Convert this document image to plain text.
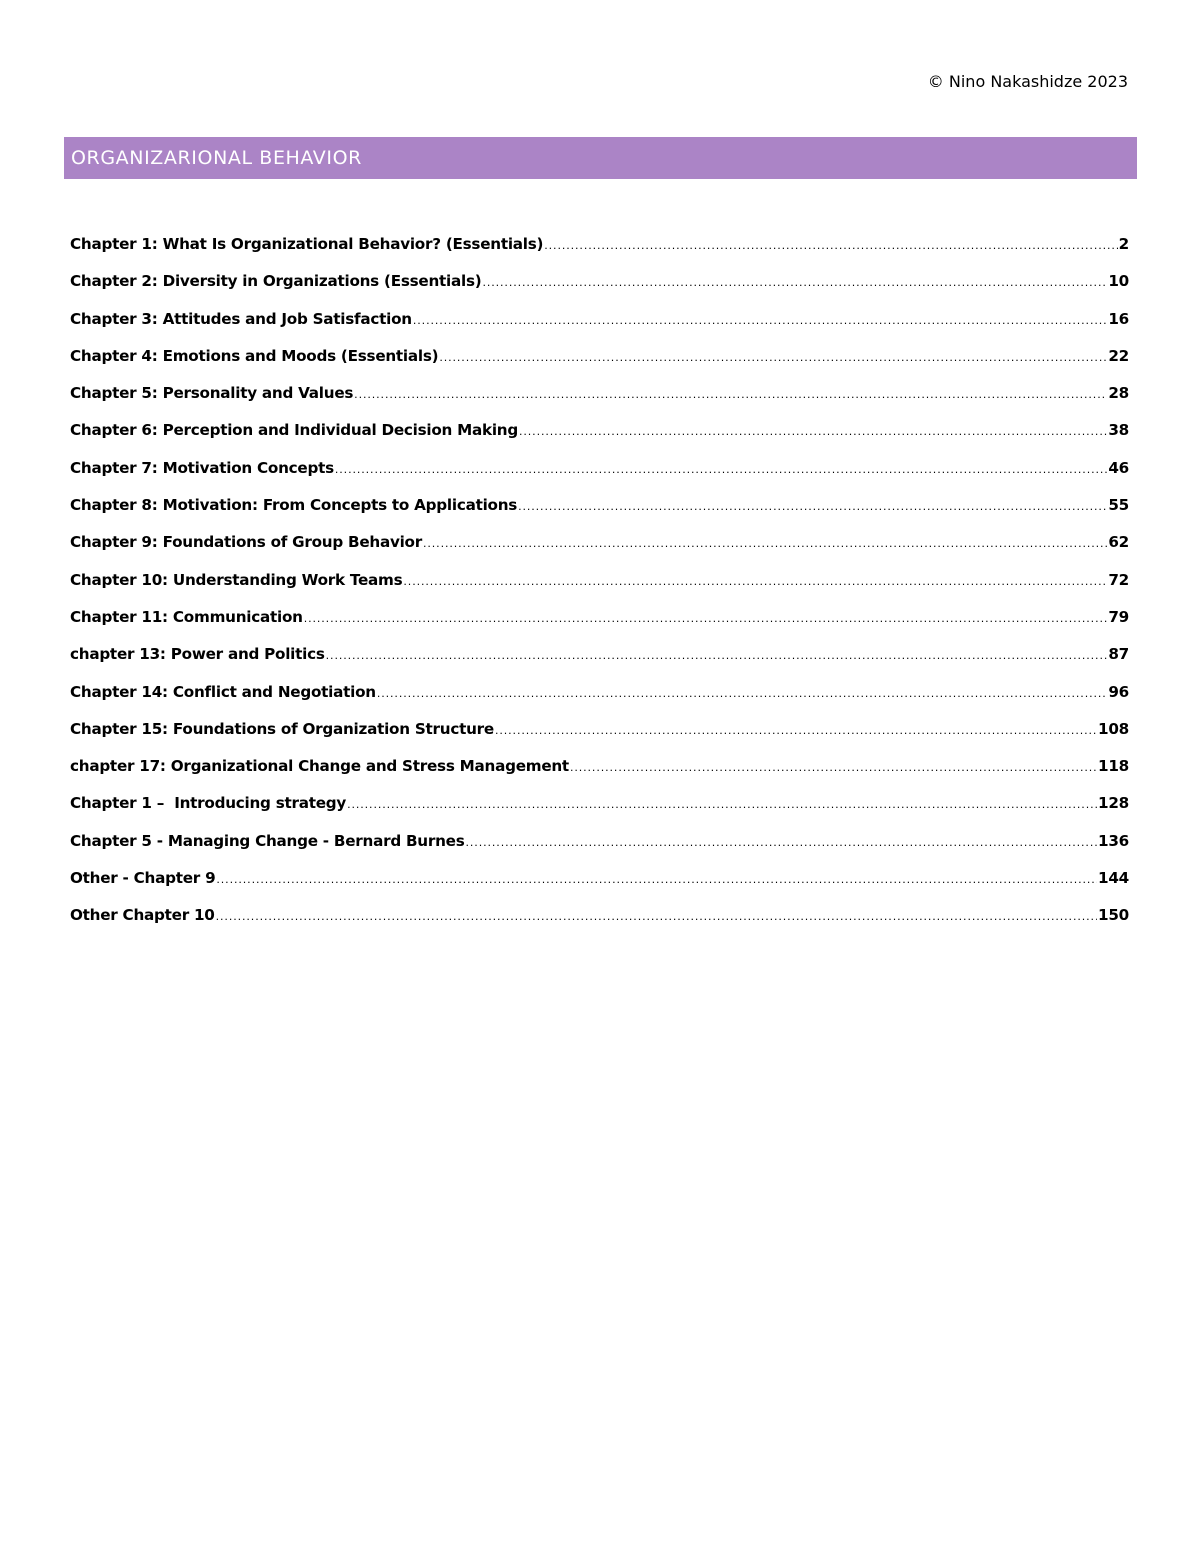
© Nino Nakashidze 2023
ORGANIZARIONAL BEHAVIOR
Chapter 1: What Is Organizational Behavior? (Essentials) .....	2
Chapter 2: Diversity in Organizations (Essentials) .....	10
Chapter 3: Attitudes and Job Satisfaction .....	16
Chapter 4: Emotions and Moods (Essentials) .....	22
Chapter 5: Personality and Values .....	28
Chapter 6: Perception and Individual Decision Making .....	38
Chapter 7: Motivation Concepts .....	46
Chapter 8: Motivation: From Concepts to Applications .....	55
Chapter 9: Foundations of Group Behavior .....	62
Chapter 10: Understanding Work Teams .....	72
Chapter 11: Communication .....	79
chapter 13: Power and Politics .....	87
Chapter 14: Conflict and Negotiation .....	96
Chapter 15: Foundations of Organization Structure .....	108
chapter 17: Organizational Change and Stress Management .....	118
Chapter 1 –  Introducing strategy .....	128
Chapter 5 - Managing Change - Bernard Burnes .....	136
Other - Chapter 9 .....	144
Other Chapter 10 .....	150
